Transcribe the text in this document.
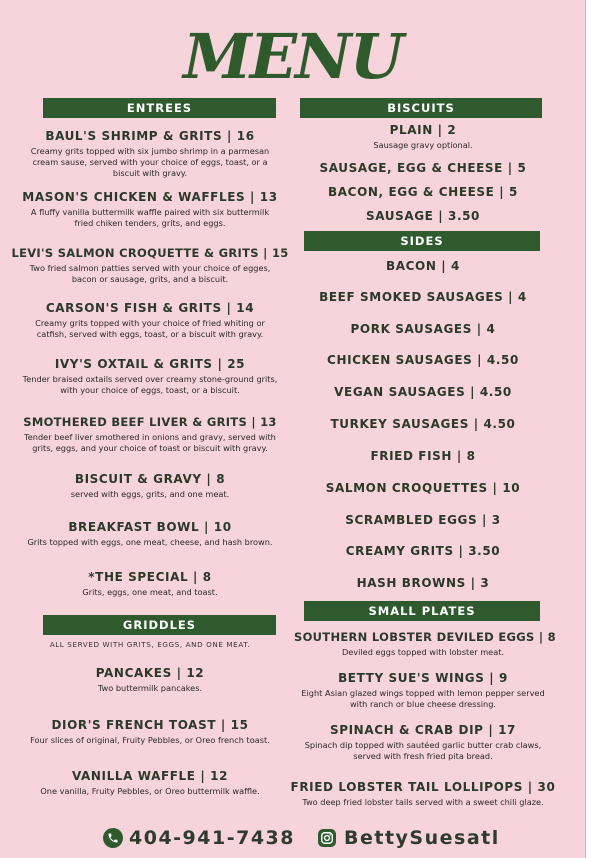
MENU
ENTREES
BAUL'S SHRIMP & GRITS | 16
Creamy grits topped with six jumbo shrimp in a parmesan cream sause, served with your choice of eggs, toast, or a biscuit with gravy.
MASON'S CHICKEN & WAFFLES | 13
A fluffy vanilla buttermilk waffle paired with six buttermilk fried chiken tenders, grits, and eggs.
LEVI'S SALMON CROQUETTE & GRITS | 15
Two fried salmon patties served with your choice of egges, bacon or sausage, grits, and a biscuit.
CARSON'S FISH & GRITS | 14
Creamy grits topped with your choice of fried whiting or catfish, served with eggs, toast, or a biscuit with gravy.
IVY'S OXTAIL & GRITS | 25
Tender braised oxtails served over creamy stone-ground grits, with your choice of eggs, toast, or a biscuit.
SMOTHERED BEEF LIVER & GRITS | 13
Tender beef liver smothered in onions and gravy, served with grits, eggs, and your choice of toast or biscuit with gravy.
BISCUIT & GRAVY | 8
served with eggs, grits, and one meat.
BREAKFAST BOWL | 10
Grits topped with eggs, one meat, cheese, and hash brown.
*THE SPECIAL | 8
Grits, eggs, one meat, and toast.
GRIDDLES
ALL SERVED WITH GRITS, EGGS, AND ONE MEAT.
PANCAKES | 12
Two buttermilk pancakes.
DIOR'S FRENCH TOAST | 15
Four slices of original, Fruity Pebbles, or Oreo french toast.
VANILLA WAFFLE | 12
One vanilla, Fruity Pebbles, or Oreo buttermilk waffle.
BISCUITS
PLAIN | 2
Sausage gravy optional.
SAUSAGE, EGG & CHEESE | 5
BACON, EGG & CHEESE | 5
SAUSAGE | 3.50
SIDES
BACON | 4
BEEF SMOKED SAUSAGES | 4
PORK SAUSAGES | 4
CHICKEN SAUSAGES | 4.50
VEGAN SAUSAGES | 4.50
TURKEY SAUSAGES | 4.50
FRIED FISH | 8
SALMON CROQUETTES | 10
SCRAMBLED EGGS | 3
CREAMY GRITS | 3.50
HASH BROWNS | 3
SMALL PLATES
SOUTHERN LOBSTER DEVILED EGGS | 8
Deviled eggs topped with lobster meat.
BETTY SUE'S WINGS | 9
Eight Asian glazed wings topped with lemon pepper served with ranch or blue cheese dressing.
SPINACH & CRAB DIP | 17
Spinach dip topped with sautéed garlic butter crab claws, served with fresh fried pita bread.
FRIED LOBSTER TAIL LOLLIPOPS | 30
Two deep fried lobster tails served with a sweet chili glaze.
404-941-7438	BettySuesatl
